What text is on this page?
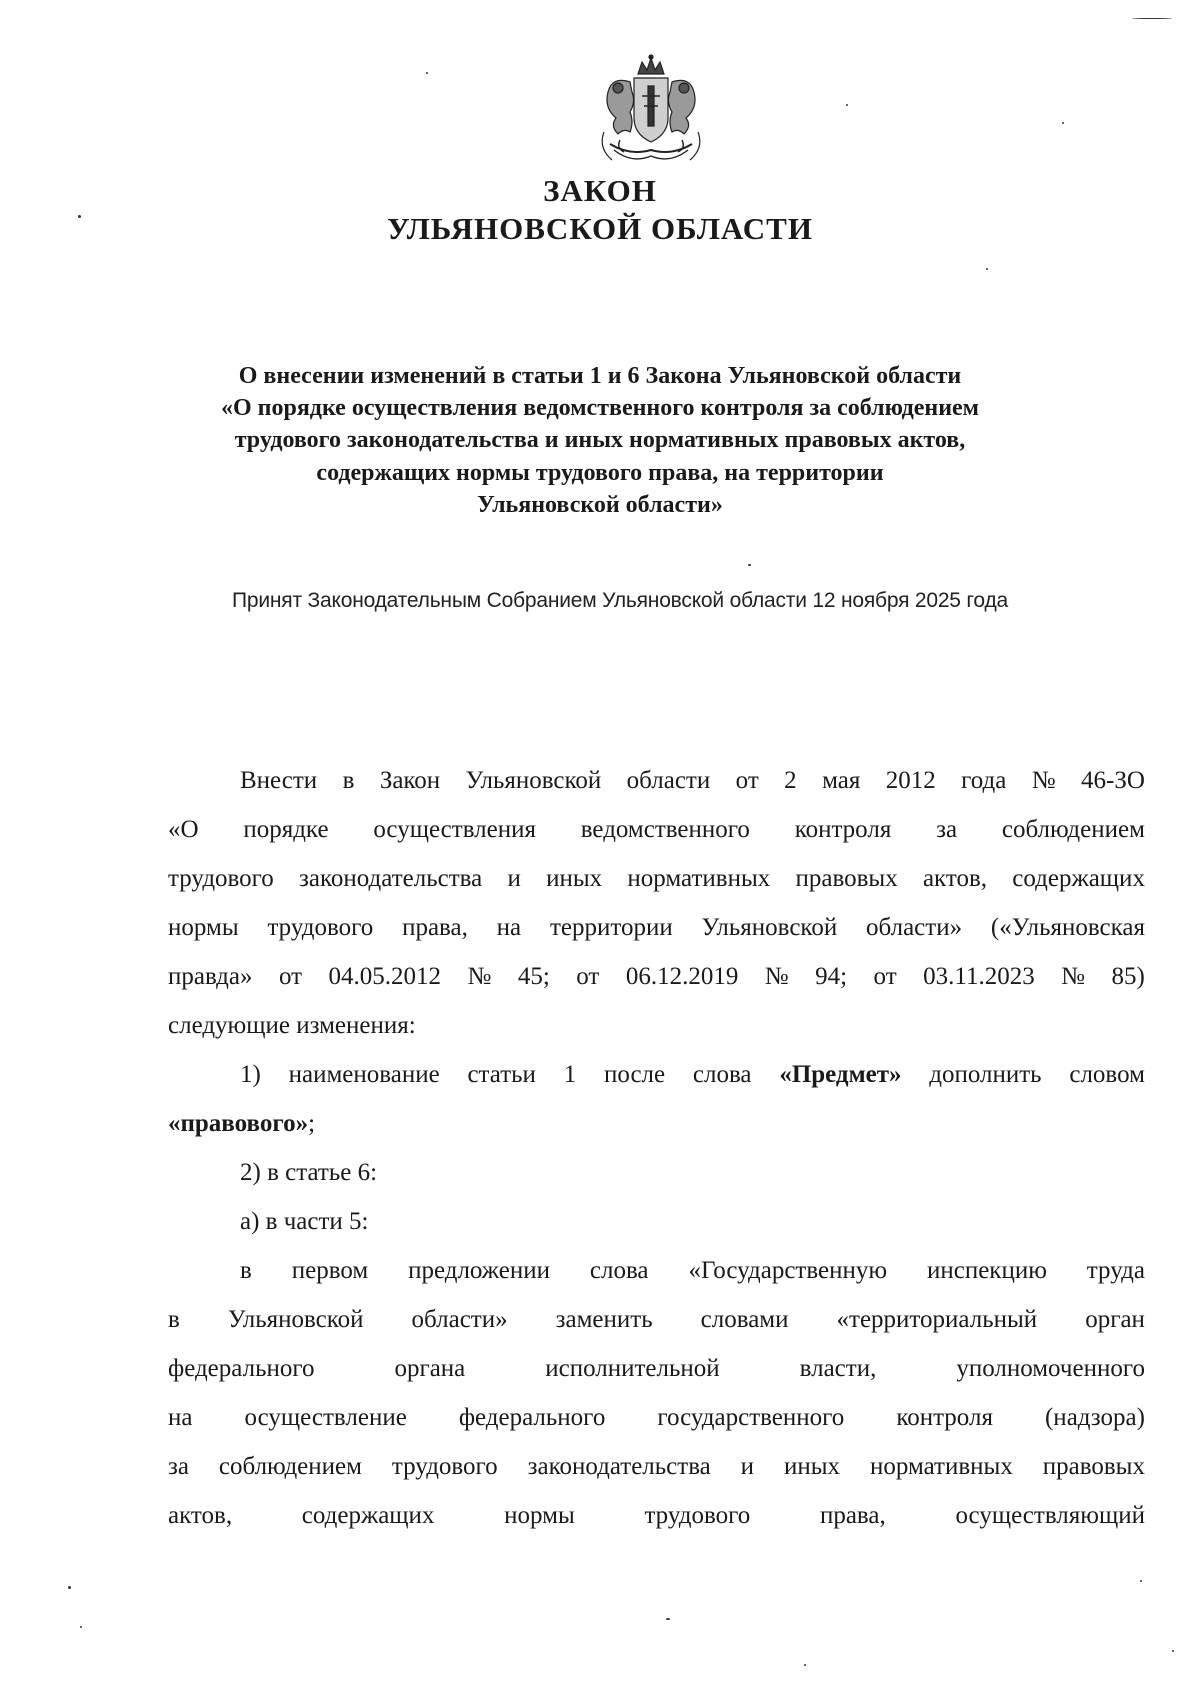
ЗАКОН
УЛЬЯНОВСКОЙ ОБЛАСТИ
О внесении изменений в статьи 1 и 6 Закона Ульяновской области
«О порядке осуществления ведомственного контроля за соблюдением
трудового законодательства и иных нормативных правовых актов,
содержащих нормы трудового права, на территории
Ульяновской области»
Принят Законодательным Собранием Ульяновской области 12 ноября 2025 года
Внести в Закон Ульяновской области от 2 мая 2012 года № 46-ЗО
«О порядке осуществления ведомственного контроля за соблюдением
трудового законодательства и иных нормативных правовых актов, содержащих
нормы трудового права, на территории Ульяновской области» («Ульяновская
правда» от 04.05.2012 № 45; от 06.12.2019 № 94; от 03.11.2023 № 85)
следующие изменения:
1) наименование статьи 1 после слова «Предмет» дополнить словом
«правового»;
2) в статье 6:
а) в части 5:
в первом предложении слова «Государственную инспекцию труда
в Ульяновской области» заменить словами «территориальный орган
федерального	органа	исполнительной	власти,	уполномоченного
на осуществление федерального государственного контроля (надзора)
за соблюдением трудового законодательства и иных нормативных правовых
актов,	содержащих	нормы	трудового	права,	осуществляющий
